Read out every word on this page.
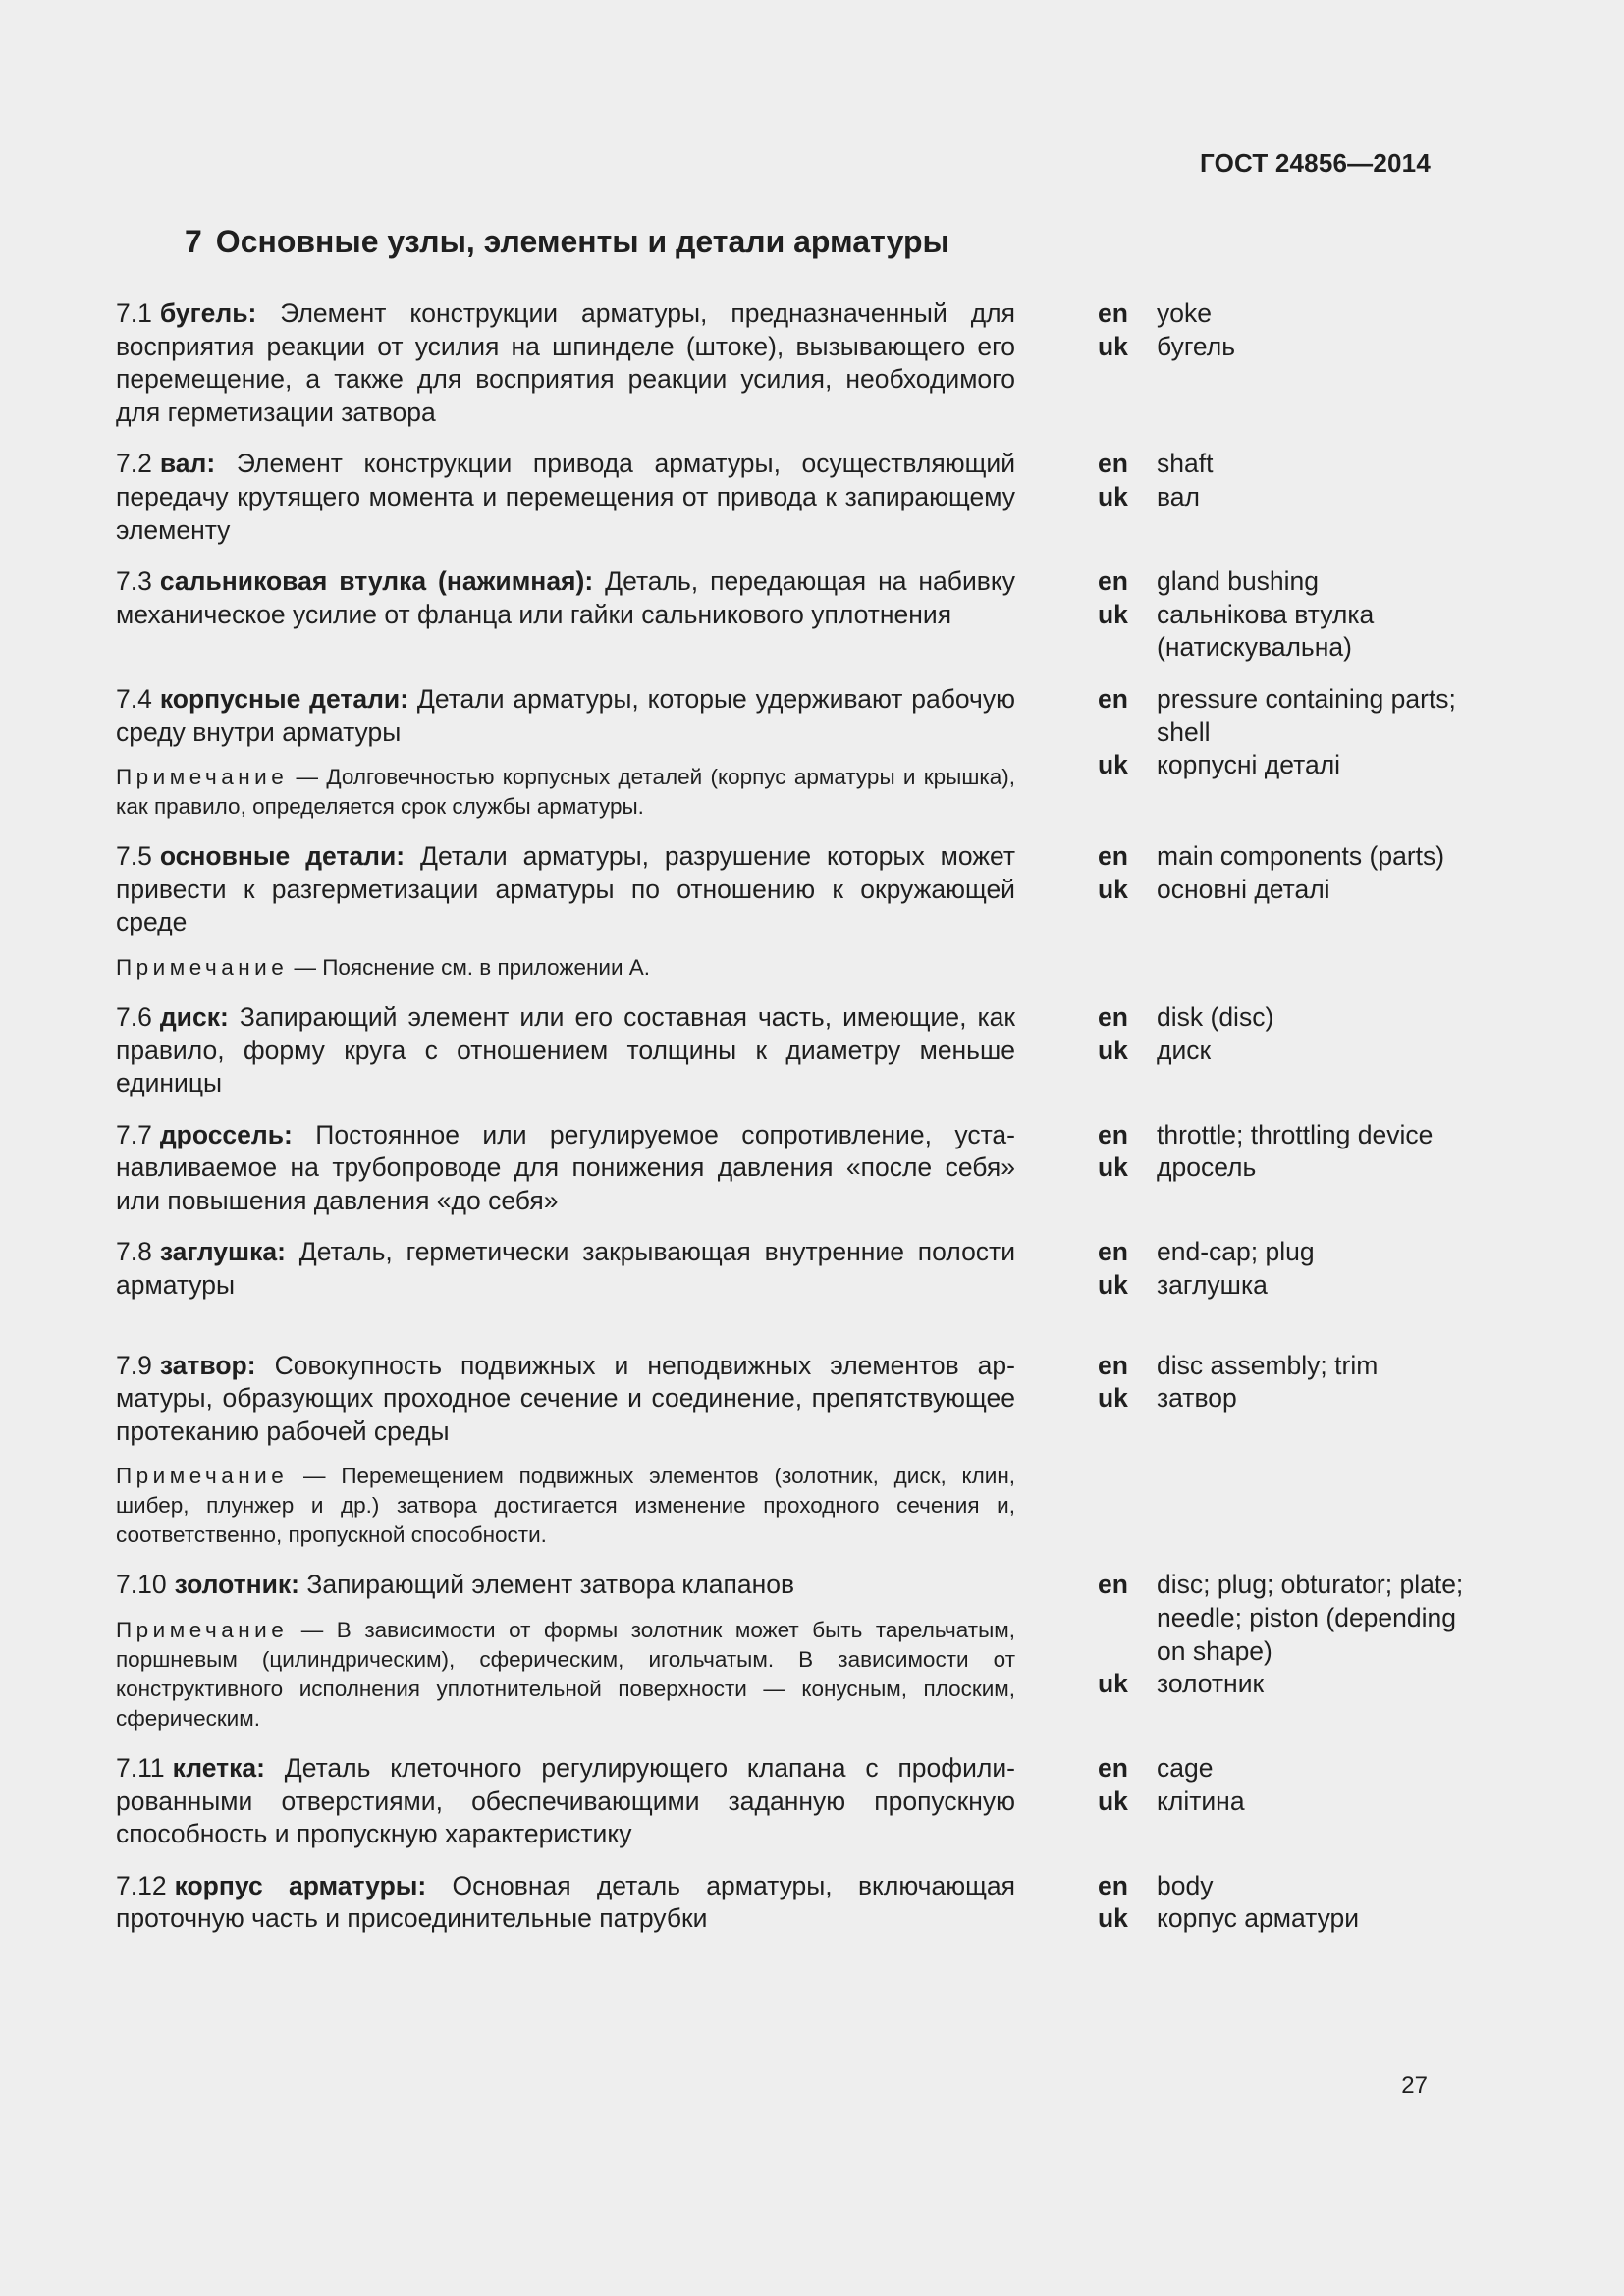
ГОСТ 24856—2014
7 Основные узлы, элементы и детали арматуры

7.1 бугель: Элемент конструкции арматуры, предназначенный для восприятия реакции от усилия на шпинделе (штоке), вызывающего его перемещение, а также для восприятия реакции усилия, необходимого для герметизации затвора

en	yoke
uk	бугель

7.2 вал: Элемент конструкции привода арматуры, осуществляющий передачу крутящего момента и перемещения от привода к запирающему элементу

en	shaft
uk	вал

7.3 сальниковая втулка (нажимная): Деталь, передающая на набивку механическое усилие от фланца или гайки сальникового уплотнения

en	gland bushing
uk	сальнікова втулка (натискувальна)

7.4 корпусные детали: Детали арматуры, которые удерживают рабочую среду внутри арматуры

Примечание — Долговечностью корпусных деталей (корпус арматуры и крышка), как правило, определяется срок службы арматуры.

en	pressure containing parts; shell
uk	корпусні деталі

7.5 основные детали: Детали арматуры, разрушение которых может привести к разгерметизации арматуры по отношению к окружающей среде

Примечание — Пояснение см. в приложении А.

en	main components (parts)
uk	основні деталі

7.6 диск: Запирающий элемент или его составная часть, имеющие, как правило, форму круга с отношением толщины к диаметру меньше единицы

en	disk (disc)
uk	диск

7.7 дроссель: Постоянное или регулируемое сопротивление, устанавливаемое на трубопроводе для понижения давления «после себя» или повышения давления «до себя»

en	throttle; throttling device
uk	дросель

7.8 заглушка: Деталь, герметически закрывающая внутренние полости арматуры

en	end-cap; plug
uk	заглушка

7.9 затвор: Совокупность подвижных и неподвижных элементов арматуры, образующих проходное сечение и соединение, препятствующее протеканию рабочей среды

Примечание — Перемещением подвижных элементов (золотник, диск, клин, шибер, плунжер и др.) затвора достигается изменение проходного сечения и, соответственно, пропускной способности.

en	disc assembly; trim
uk	затвор

7.10 золотник: Запирающий элемент затвора клапанов

Примечание — В зависимости от формы золотник может быть тарельчатым, поршневым (цилиндрическим), сферическим, игольчатым. В зависимости от конструктивного исполнения уплотнительной поверхности — конусным, плоским, сферическим.

en	disc; plug; obturator; plate; needle; piston (depending on shape)
uk	золотник

7.11 клетка: Деталь клеточного регулирующего клапана с профилированными отверстиями, обеспечивающими заданную пропускную способность и пропускную характеристику

en	cage
uk	клітина

7.12 корпус арматуры: Основная деталь арматуры, включающая проточную часть и присоединительные патрубки

en	body
uk	корпус арматури
27
